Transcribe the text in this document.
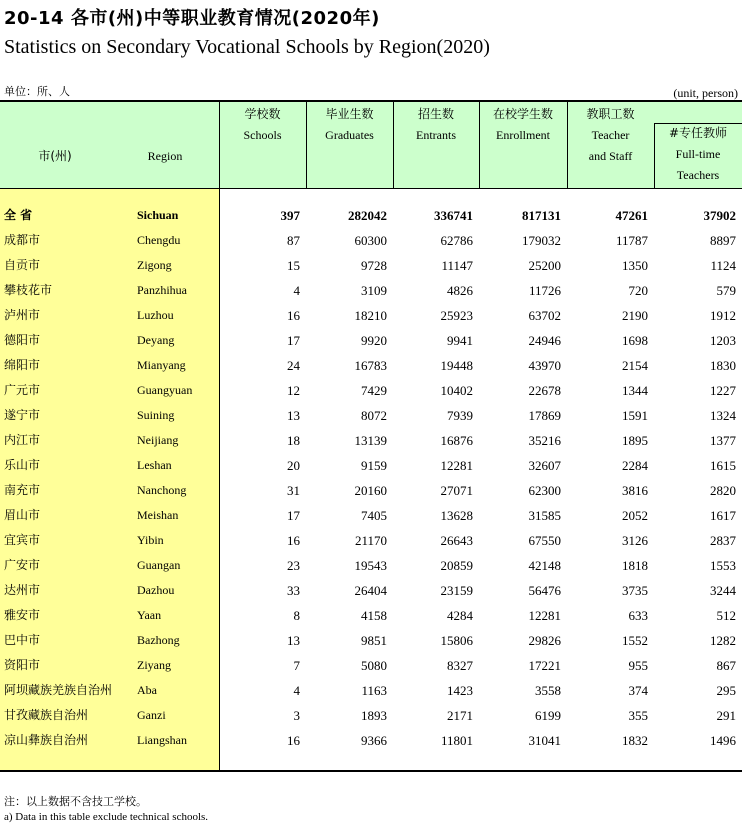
20-14 各市(州)中等职业教育情况(2020年)
Statistics on Secondary Vocational Schools by Region(2020)
单位：所、人	(unit, person)
市(州)	Region
学校数
Schools
毕业生数
Graduates
招生数
Entrants
在校学生数
Enrollment
教职工数
Teacher
and Staff
#专任教师
Full-time
Teachers
全 省	Sichuan	397	282042	336741	817131	47261	37902
成都市	Chengdu	87	60300	62786	179032	11787	8897
自贡市	Zigong	15	9728	11147	25200	1350	1124
攀枝花市	Panzhihua	4	3109	4826	11726	720	579
泸州市	Luzhou	16	18210	25923	63702	2190	1912
德阳市	Deyang	17	9920	9941	24946	1698	1203
绵阳市	Mianyang	24	16783	19448	43970	2154	1830
广元市	Guangyuan	12	7429	10402	22678	1344	1227
遂宁市	Suining	13	8072	7939	17869	1591	1324
内江市	Neijiang	18	13139	16876	35216	1895	1377
乐山市	Leshan	20	9159	12281	32607	2284	1615
南充市	Nanchong	31	20160	27071	62300	3816	2820
眉山市	Meishan	17	7405	13628	31585	2052	1617
宜宾市	Yibin	16	21170	26643	67550	3126	2837
广安市	Guangan	23	19543	20859	42148	1818	1553
达州市	Dazhou	33	26404	23159	56476	3735	3244
雅安市	Yaan	8	4158	4284	12281	633	512
巴中市	Bazhong	13	9851	15806	29826	1552	1282
资阳市	Ziyang	7	5080	8327	17221	955	867
阿坝藏族羌族自治州 Aba	4	1163	1423	3558	374	295
甘孜藏族自治州	Ganzi	3	1893	2171	6199	355	291
凉山彝族自治州	Liangshan	16	9366	11801	31041	1832	1496
注：以上数据不含技工学校。
a) Data in this table exclude technical schools.
